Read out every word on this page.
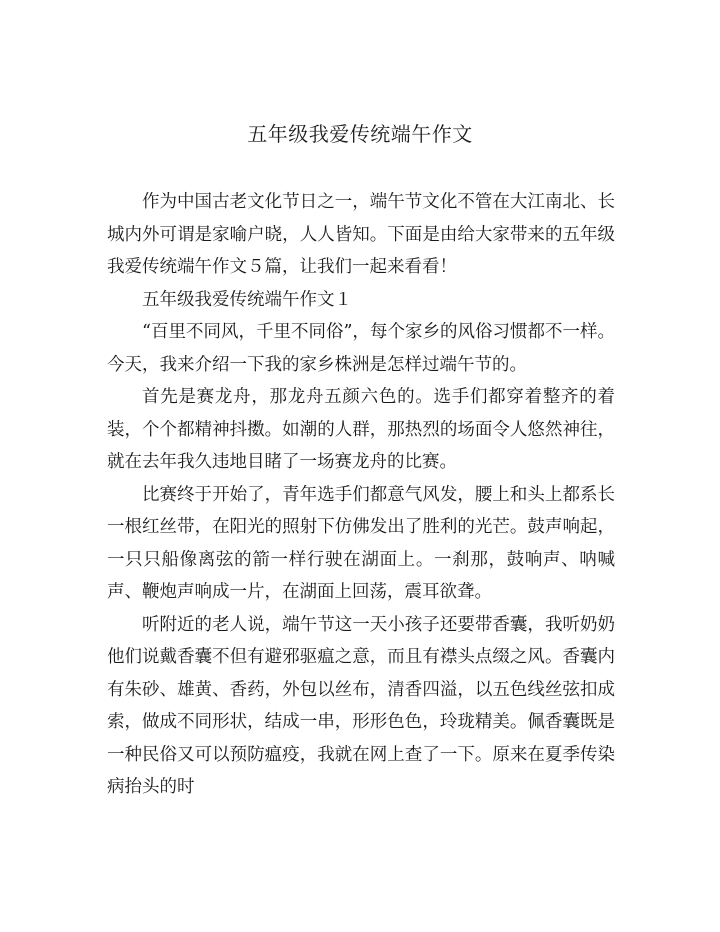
五年级我爱传统端午作文

作为中国古老文化节日之一，端午节文化不管在大江南北、长城内外可谓是家喻户晓，人人皆知。下面是由给大家带来的五年级我爱传统端午作文５篇，让我们一起来看看！

五年级我爱传统端午作文１

“百里不同风，千里不同俗”，每个家乡的风俗习惯都不一样。今天，我来介绍一下我的家乡株洲是怎样过端午节的。

首先是赛龙舟，那龙舟五颜六色的。选手们都穿着整齐的着装，个个都精神抖擞。如潮的人群，那热烈的场面令人悠然神往，就在去年我久违地目睹了一场赛龙舟的比赛。

比赛终于开始了，青年选手们都意气风发，腰上和头上都系长一根红丝带，在阳光的照射下仿佛发出了胜利的光芒。鼓声响起，一只只船像离弦的箭一样行驶在湖面上。一刹那，鼓响声、呐喊声、鞭炮声响成一片，在湖面上回荡，震耳欲聋。

听附近的老人说，端午节这一天小孩子还要带香囊，我听奶奶他们说戴香囊不但有避邪驱瘟之意，而且有襟头点缀之风。香囊内有朱砂、雄黄、香药，外包以丝布，清香四溢，以五色线丝弦扣成索，做成不同形状，结成一串，形形色色，玲珑精美。佩香囊既是一种民俗又可以预防瘟疫，我就在网上查了一下。原来在夏季传染病抬头的时
